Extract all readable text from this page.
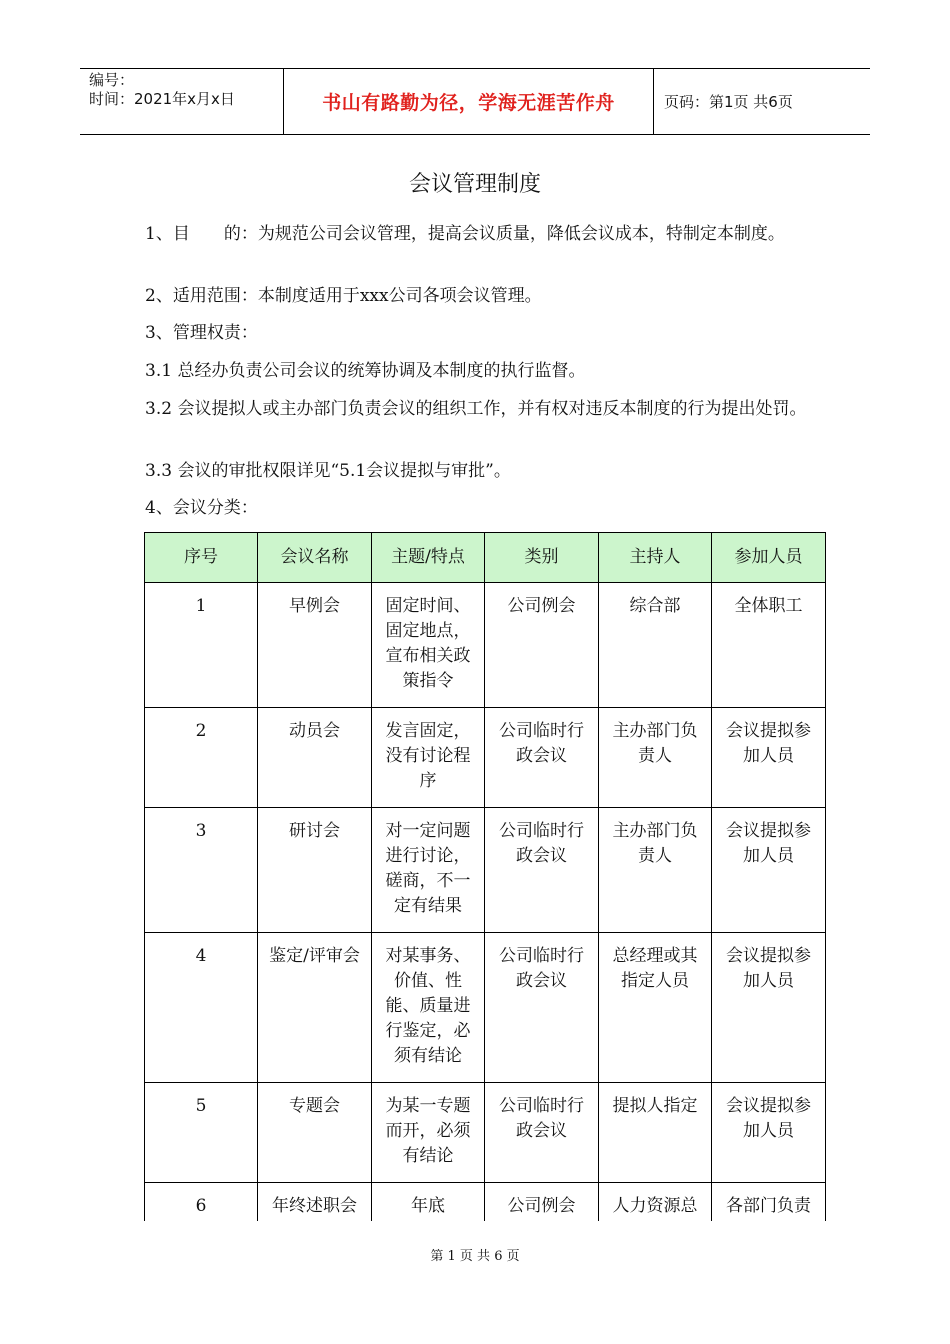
编号：
时间：2021年x月x日	书山有路勤为径，学海无涯苦作舟	页码：第1页 共6页
会议管理制度
1、目　　的：为规范公司会议管理，提高会议质量，降低会议成本，特制定本制度。
2、适用范围：本制度适用于xxx公司各项会议管理。
3、管理权责：
3.1 总经办负责公司会议的统筹协调及本制度的执行监督。
3.2 会议提拟人或主办部门负责会议的组织工作，并有权对违反本制度的行为提出处罚。
3.3 会议的审批权限详见“5.1会议提拟与审批”。
4、会议分类：
序号	会议名称	主题/特点	类别	主持人	参加人员
1	早例会	固定时间、固定地点，宣布相关政策指令	公司例会	综合部	全体职工
2	动员会	发言固定，没有讨论程序	公司临时行政会议	主办部门负责人	会议提拟参加人员
3	研讨会	对一定问题进行讨论，磋商，不一定有结果	公司临时行政会议	主办部门负责人	会议提拟参加人员
4	鉴定/评审会	对某事务、价值、性能、质量进行鉴定，必须有结论	公司临时行政会议	总经理或其指定人员	会议提拟参加人员
5	专题会	为某一专题而开，必须有结论	公司临时行政会议	提拟人指定	会议提拟参加人员
6	年终述职会	年底	公司例会	人力资源总	各部门负责
第 1 页 共 6 页
